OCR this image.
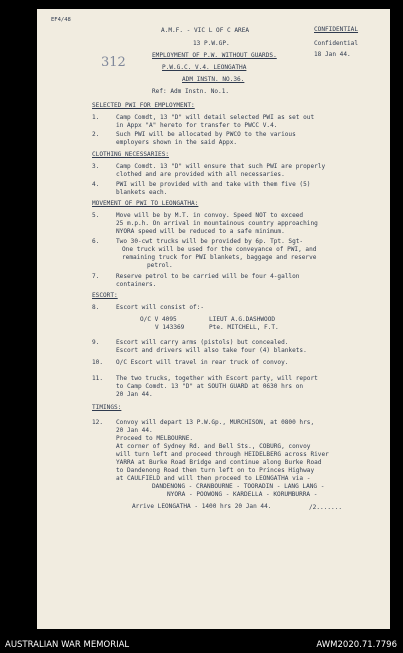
EF4/48
A.M.F. - VIC L OF C AREA	CONFIDENTIAL
13 P.W.GP.	Confidential
EMPLOYMENT OF P.W. WITHOUT GUARDS.	18 Jan 44.
312	P.W.G.C. V.4. LEONGATHA
ADM INSTN. NO.36.
Ref: Adm Instn. No.1.
SELECTED PWI FOR EMPLOYMENT:
1.	Camp Comdt, 13 "D" will detail selected PWI as set out
in Appx "A" hereto for transfer to PWCC V.4.
2.	Such PWI will be allocated by PWCO to the various
employers shown in the said Appx.
CLOTHING NECESSARIES:
3.	Camp Comdt. 13 "D" will ensure that such PWI are properly
clothed and are provided with all necessaries.
4.	PWI will be provided with and take with them five (5)
blankets each.
MOVEMENT OF PWI TO LEONGATHA:
5.	Move will be by M.T. in convoy. Speed NOT to exceed
25 m.p.h. On arrival in mountainous country approaching
NYORA speed will be reduced to a safe minimum.
6.	Two 30-cwt trucks will be provided by 6p. Tpt. Sgt-
One truck will be used for the conveyance of PWI, and
remaining truck for PWI blankets, baggage and reserve
petrol.
7.	Reserve petrol to be carried will be four 4-gallon
containers.
ESCORT:
8.	Escort will consist of:-
O/C V 4095	LIEUT A.G.DASHWOOD
V 143369	Pte. MITCHELL, F.T.
9.	Escort will carry arms (pistols) but concealed.
Escort and drivers will also take four (4) blankets.
10. O/C Escort will travel in rear truck of convoy.
11. The two trucks, together with Escort party, will report
to Camp Comdt. 13 "D" at SOUTH GUARD at 0630 hrs on
20 Jan 44.
TIMINGS:
12. Convoy will depart 13 P.W.Gp., MURCHISON, at 0800 hrs,
20 Jan 44.
Proceed to MELBOURNE.
At corner of Sydney Rd. and Bell Sts., COBURG, convoy
will turn left and proceed through HEIDELBERG across River
YARRA at Burke Road Bridge and continue along Burke Road
to Dandenong Road then turn left on to Princes Highway
at CAULFIELD and will then proceed to LEONGATHA via -
DANDENONG - CRANBOURNE - TOORADIN - LANG LANG -
NYORA - POOWONG - KARDELLA - KORUMBURRA -
Arrive LEONGATHA - 1400 hrs 20 Jan 44.	/2.......
AUSTRALIAN WAR MEMORIAL	AWM2020.71.7796
